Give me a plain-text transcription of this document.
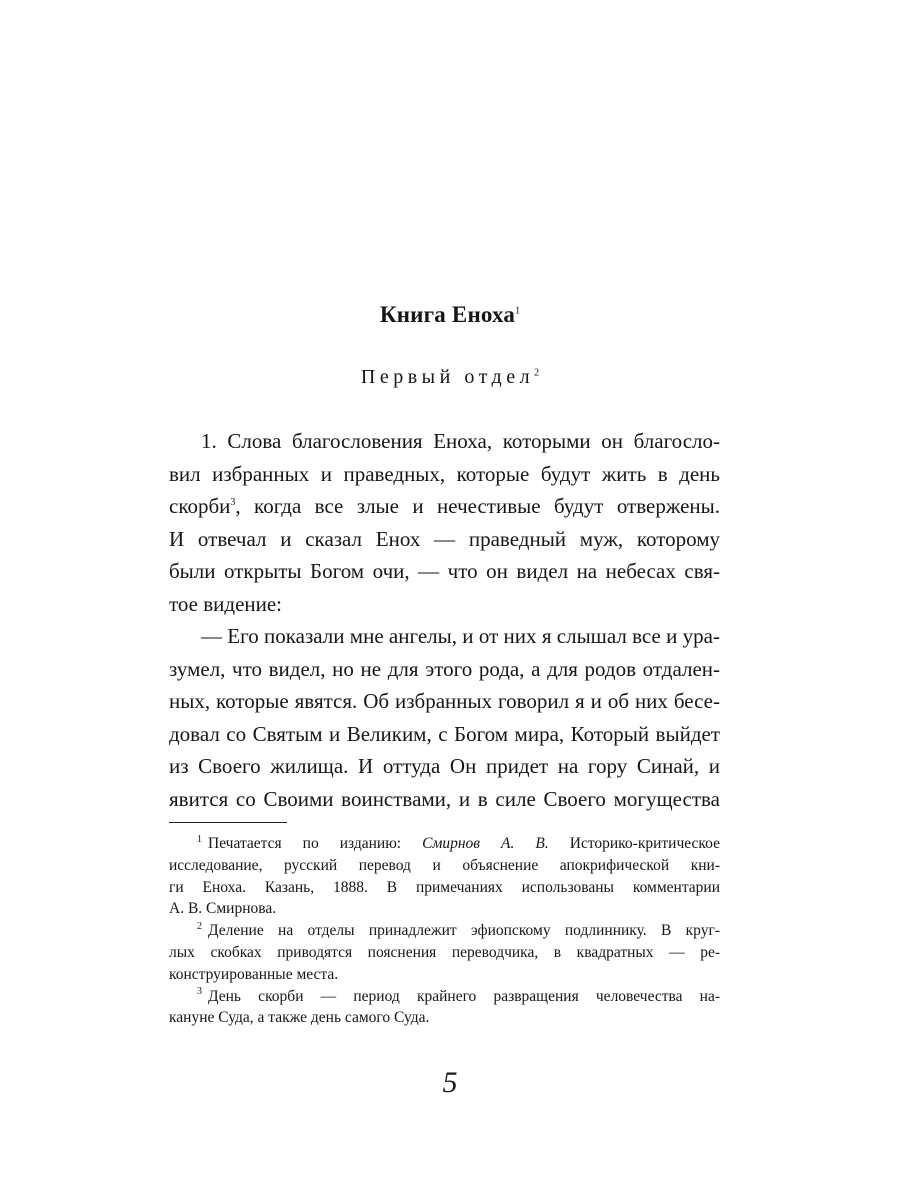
Книга Еноха$^1$
Первый отдел$^2$
1. Слова благословения Еноха, которыми он благосло-
вил избранных и праведных, которые будут жить в день
скорби$^3$, когда все злые и нечестивые будут отвержены.
И отвечал и сказал Енох — праведный муж, которому
были открыты Богом очи, — что он видел на небесах свя-
тое видение:
— Его показали мне ангелы, и от них я слышал все и ура-
зумел, что видел, но не для этого рода, а для родов отдален-
ных, которые явятся. Об избранных говорил я и об них бесе-
довал со Святым и Великим, с Богом мира, Который выйдет
из Своего жилища. И оттуда Он придет на гору Синай, и
явится со Своими воинствами, и в силе Своего могущества
$^1$ Печатается по изданию: Смирнов А. В. Историко-критическое
исследование, русский перевод и объяснение апокрифической кни-
ги Еноха. Казань, 1888. В примечаниях использованы комментарии
А. В. Смирнова.
$^2$ Деление на отделы принадлежит эфиопскому подлиннику. В круг-
лых скобках приводятся пояснения переводчика, в квадратных — ре-
конструированные места.
$^3$ День скорби — период крайнего развращения человечества на-
кануне Суда, а также день самого Суда.
5
